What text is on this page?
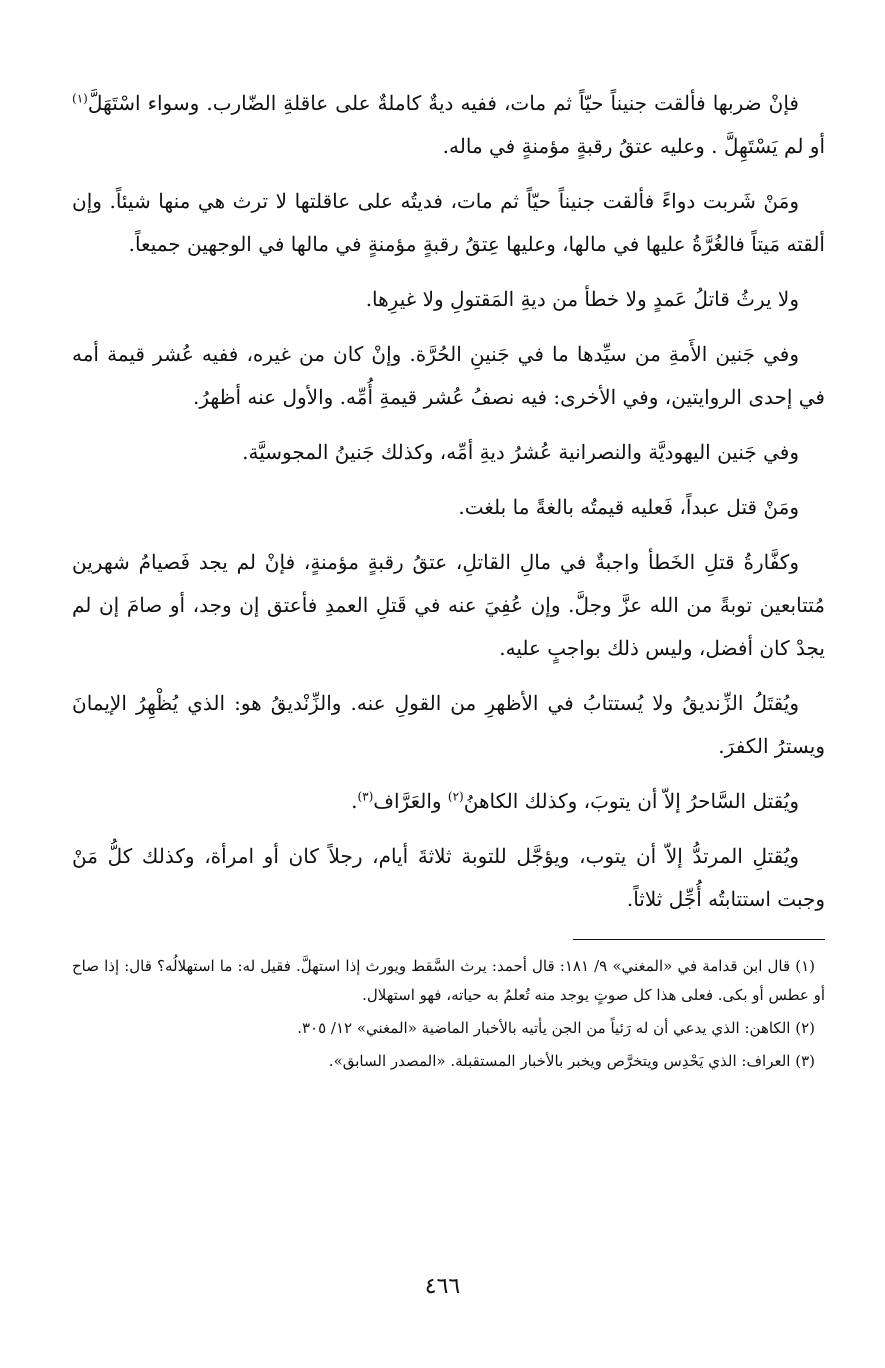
فإنْ ضربها فألقت جنيناً حيّاً ثم مات، ففيه ديةٌ كاملةٌ على عاقلةِ الضّارب. وسواء اسْتَهَلَّ$^{(١)}$ أو لم يَسْتَهِلَّ . وعليه عتقُ رقبةٍ مؤمنةٍ في ماله.

ومَنْ شَربت دواءً فألقت جنيناً حيّاً ثم مات، فديتُه على عاقلتها لا ترث هي منها شيئاً. وإن ألقته مَيتاً فالغُرَّةُ عليها في مالها، وعليها عِتقُ رقبةٍ مؤمنةٍ في مالها في الوجهين جميعاً.

ولا يرثُ قاتلُ عَمدٍ ولا خطأ من ديةِ المَقتولِ ولا غيرِها.

وفي جَنين الأَمةِ من سيِّدها ما في جَنينِ الحُرَّة. وإنْ كان من غيره، ففيه عُشر قيمة أمه في إحدى الروايتين، وفي الأخرى: فيه نصفُ عُشر قيمةِ أُمِّه. والأول عنه أظهرُ.

وفي جَنين اليهوديَّة والنصرانية عُشرُ ديةِ أمِّه، وكذلك جَنينُ المجوسيَّة.

ومَنْ قتل عبداً، فَعليه قيمتُه بالغةً ما بلغت.

وكفَّارةُ قتلِ الخَطأ واجبةٌ في مالِ القاتلِ، عتقُ رقبةٍ مؤمنةٍ، فإنْ لم يجد فَصيامُ شهرين مُتتابعين توبةً من الله عزَّ وجلَّ. وإن عُفِيَ عنه في قَتلِ العمدِ فأعتق إن وجد، أو صامَ إن لم يجدْ كان أفضل، وليس ذلك بواجبٍ عليه.

ويُقتَلُ الزِّنديقُ ولا يُستتابُ في الأظهرِ من القولِ عنه. والزِّنْديقُ هو: الذي يُظْهِرُ الإيمانَ ويسترُ الكفرَ.

ويُقتل السَّاحرُ إلاّ أن يتوبَ، وكذلك الكاهنُ$^{(٢)}$ والعَرَّاف$^{(٣)}$.

ويُقتلِ المرتدُّ إلاّ أن يتوب، ويؤجَّل للتوبة ثلاثةَ أيام، رجلاً كان أو امرأة، وكذلك كلُّ مَنْ وجبت استتابتُه أُجِّل ثلاثاً.

(١) قال ابن قدامة في «المغني» ٩/ ١٨١: قال أحمد: يرث السَّقط ويورث إذا استهلَّ. فقيل له: ما استهلالُه؟ قال: إذا صاح أو عطس أو بكى. فعلى هذا كل صوتٍ يوجد منه تُعلمُ به حياته، فهو استهلال.

(٢) الكاهن: الذي يدعي أن له رَئياً من الجن يأتيه بالأخبار الماضية «المغني» ١٢/ ٣٠٥.

(٣) العراف: الذي يَحْدِس ويتخرَّص ويخبر بالأخبار المستقبلة. «المصدر السابق».

٤٦٦
